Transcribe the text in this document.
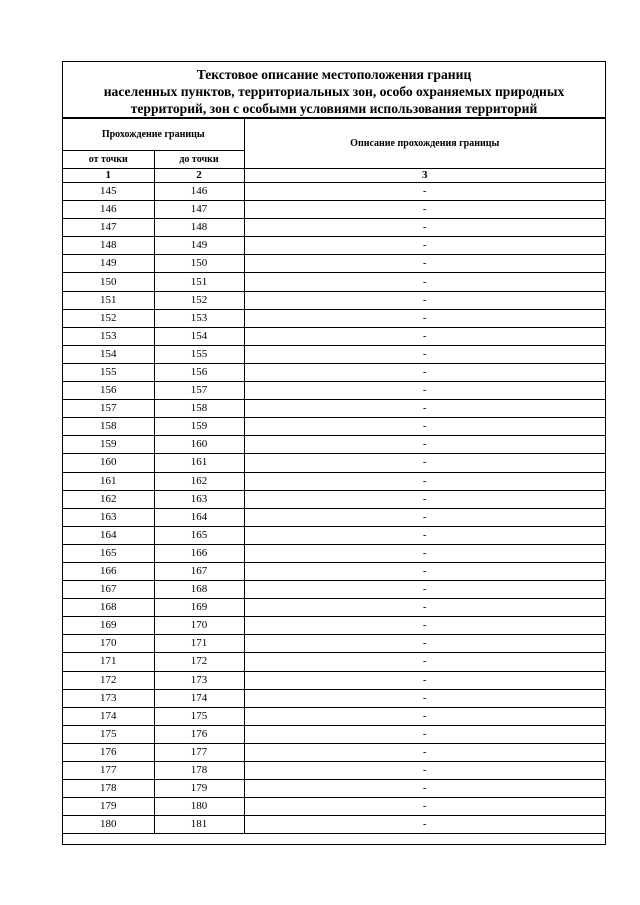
Текстовое описание местоположения границ
населенных пунктов, территориальных зон, особо охраняемых природных
территорий, зон с особыми условиями использования территорий
Прохождение границы		Описание прохождения границы
от точки	до точки	
1	2	3
145	146	-
146	147	-
147	148	-
148	149	-
149	150	-
150	151	-
151	152	-
152	153	-
153	154	-
154	155	-
155	156	-
156	157	-
157	158	-
158	159	-
159	160	-
160	161	-
161	162	-
162	163	-
163	164	-
164	165	-
165	166	-
166	167	-
167	168	-
168	169	-
169	170	-
170	171	-
171	172	-
172	173	-
173	174	-
174	175	-
175	176	-
176	177	-
177	178	-
178	179	-
179	180	-
180	181	-
